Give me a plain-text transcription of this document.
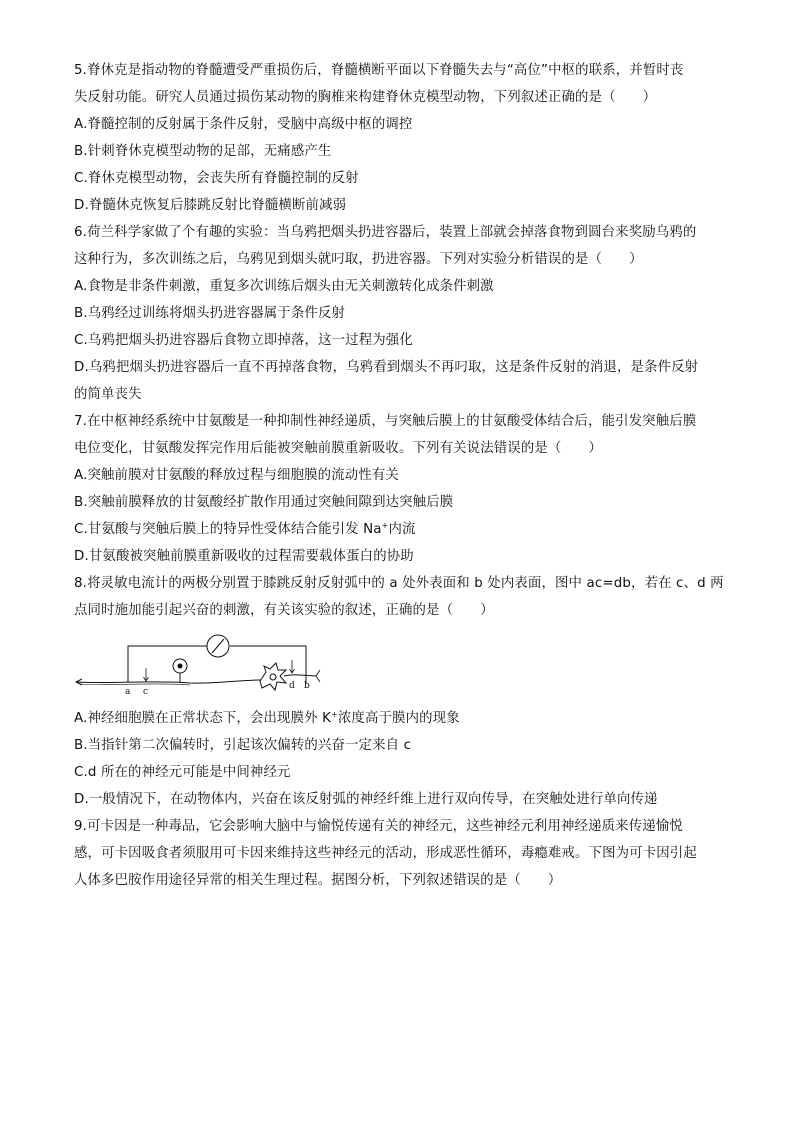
5.脊休克是指动物的脊髓遭受严重损伤后，脊髓横断平面以下脊髓失去与“高位”中枢的联系，并暂时丧
失反射功能。研究人员通过损伤某动物的胸椎来构建脊休克模型动物，下列叙述正确的是（　　）
A.脊髓控制的反射属于条件反射，受脑中高级中枢的调控
B.针刺脊休克模型动物的足部，无痛感产生
C.脊休克模型动物，会丧失所有脊髓控制的反射
D.脊髓休克恢复后膝跳反射比脊髓横断前减弱
6.荷兰科学家做了个有趣的实验：当乌鸦把烟头扔进容器后，装置上部就会掉落食物到圆台来奖励乌鸦的
这种行为，多次训练之后，乌鸦见到烟头就叼取，扔进容器。下列对实验分析错误的是（　　）
A.食物是非条件刺激，重复多次训练后烟头由无关刺激转化成条件刺激
B.乌鸦经过训练将烟头扔进容器属于条件反射
C.乌鸦把烟头扔进容器后食物立即掉落，这一过程为强化
D.乌鸦把烟头扔进容器后一直不再掉落食物，乌鸦看到烟头不再叼取，这是条件反射的消退，是条件反射
的简单丧失
7.在中枢神经系统中甘氨酸是一种抑制性神经递质，与突触后膜上的甘氨酸受体结合后，能引发突触后膜
电位变化，甘氨酸发挥完作用后能被突触前膜重新吸收。下列有关说法错误的是（　　）
A.突触前膜对甘氨酸的释放过程与细胞膜的流动性有关
B.突触前膜释放的甘氨酸经扩散作用通过突触间隙到达突触后膜
C.甘氨酸与突触后膜上的特异性受体结合能引发 Na+内流
D.甘氨酸被突触前膜重新吸收的过程需要载体蛋白的协助
8.将灵敏电流计的两极分别置于膝跳反射反射弧中的 a 处外表面和 b 处内表面，图中 ac=db，若在 c、d 两
点同时施加能引起兴奋的刺激，有关该实验的叙述，正确的是（　　）
a c
d b
A.神经细胞膜在正常状态下，会出现膜外 K+浓度高于膜内的现象
B.当指针第二次偏转时，引起该次偏转的兴奋一定来自 c
C.d 所在的神经元可能是中间神经元
D.一般情况下，在动物体内，兴奋在该反射弧的神经纤维上进行双向传导，在突触处进行单向传递
9.可卡因是一种毒品，它会影响大脑中与愉悦传递有关的神经元，这些神经元利用神经递质来传递愉悦
感，可卡因吸食者须服用可卡因来维持这些神经元的活动，形成恶性循环，毒瘾难戒。下图为可卡因引起
人体多巴胺作用途径异常的相关生理过程。据图分析，下列叙述错误的是（　　）
